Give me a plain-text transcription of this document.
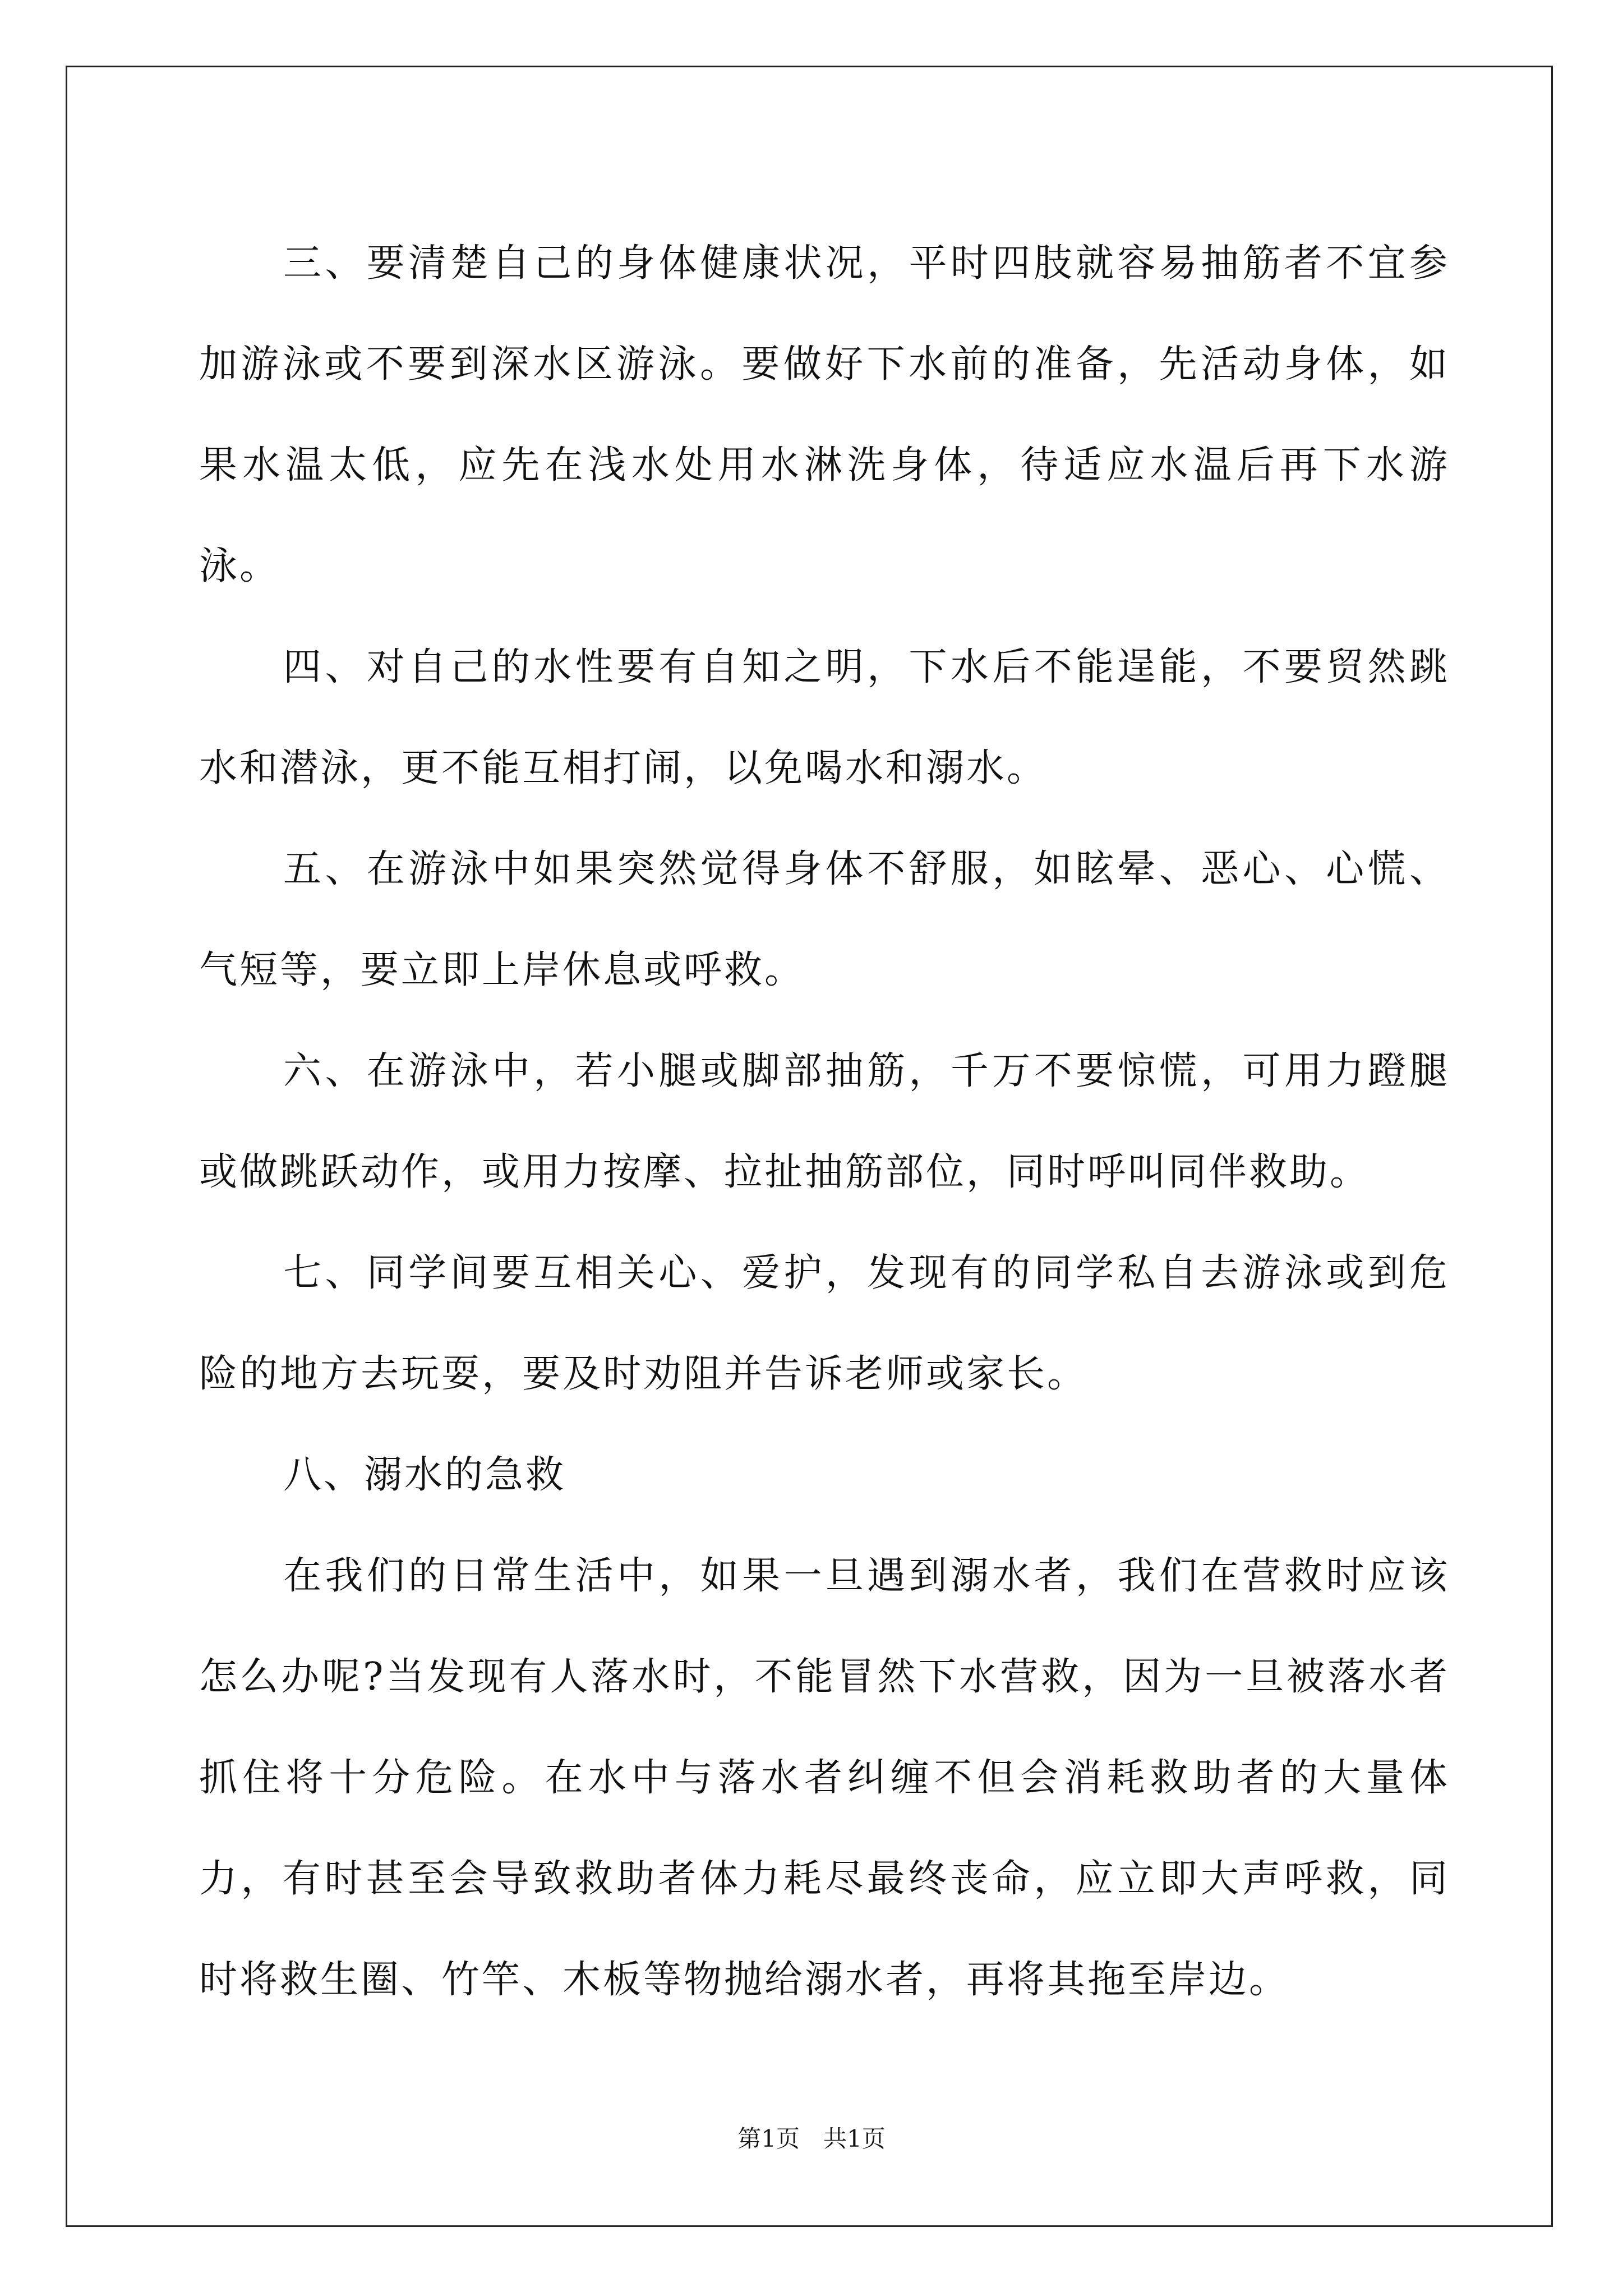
三、要清楚自己的身体健康状况，平时四肢就容易抽筋者不宜参加游泳或不要到深水区游泳。要做好下水前的准备，先活动身体，如果水温太低，应先在浅水处用水淋洗身体，待适应水温后再下水游泳。

四、对自己的水性要有自知之明，下水后不能逞能，不要贸然跳水和潜泳，更不能互相打闹，以免喝水和溺水。

五、在游泳中如果突然觉得身体不舒服，如眩晕、恶心、心慌、气短等，要立即上岸休息或呼救。

六、在游泳中，若小腿或脚部抽筋，千万不要惊慌，可用力蹬腿或做跳跃动作，或用力按摩、拉扯抽筋部位，同时呼叫同伴救助。

七、同学间要互相关心、爱护，发现有的同学私自去游泳或到危险的地方去玩耍，要及时劝阻并告诉老师或家长。

八、溺水的急救

在我们的日常生活中，如果一旦遇到溺水者，我们在营救时应该怎么办呢?当发现有人落水时，不能冒然下水营救，因为一旦被落水者抓住将十分危险。在水中与落水者纠缠不但会消耗救助者的大量体力，有时甚至会导致救助者体力耗尽最终丧命，应立即大声呼救，同时将救生圈、竹竿、木板等物抛给溺水者，再将其拖至岸边。

第1页 共1页
